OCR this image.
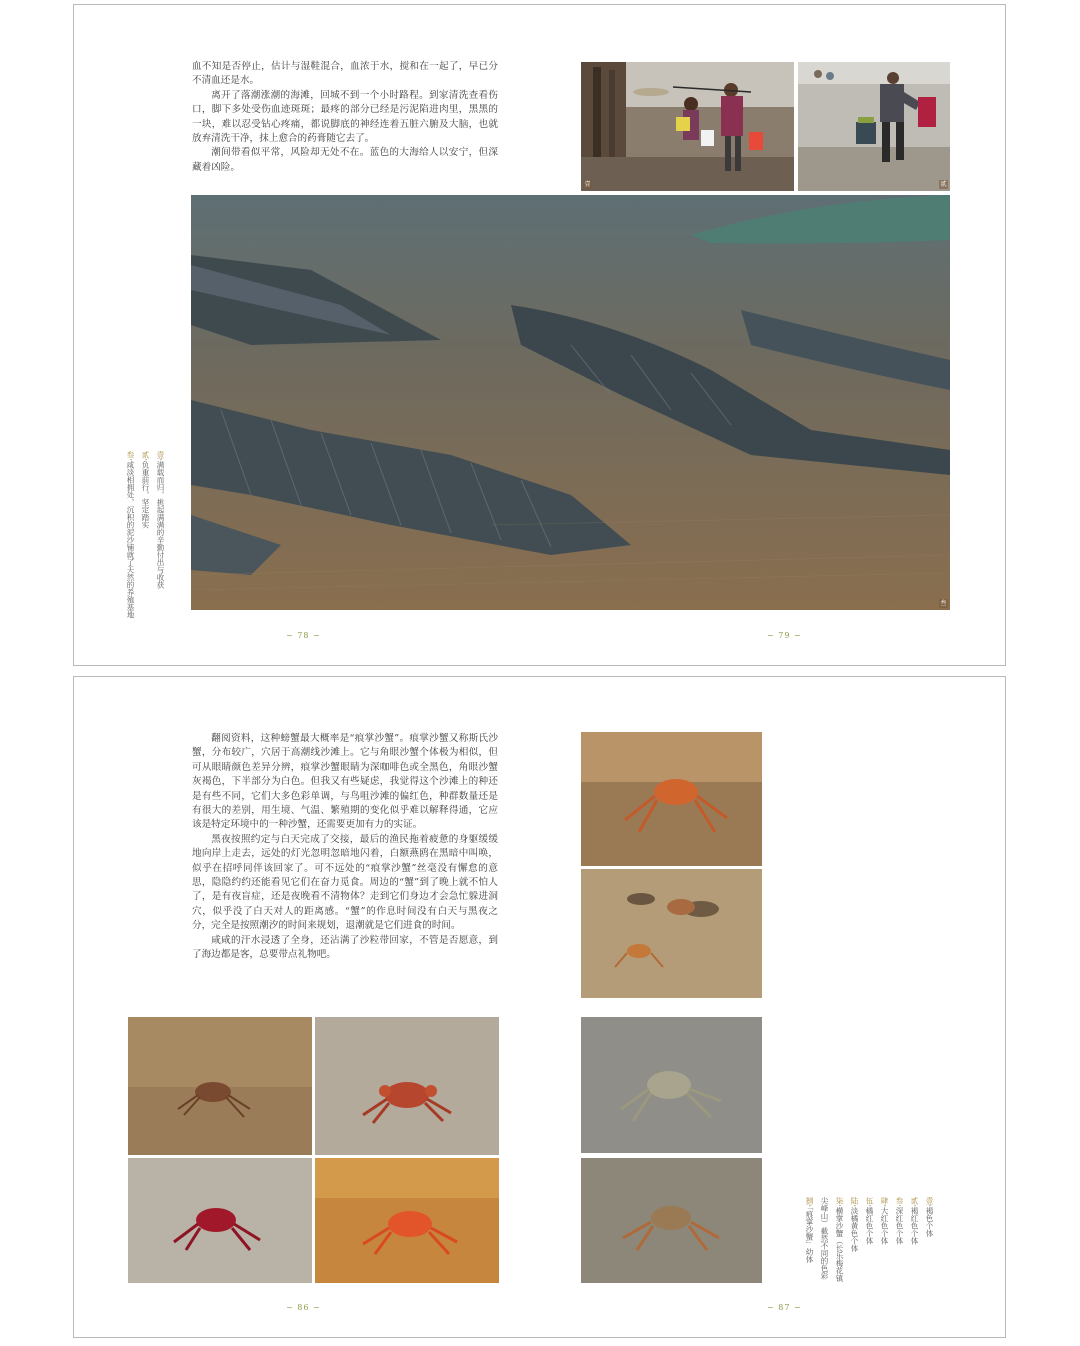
血不知是否停止，估计与湿鞋混合，血浓于水，搅和在一起了，早已分不清血还是水。

离开了落潮涨潮的海滩，回城不到一个小时路程。到家清洗查看伤口，脚下多处受伤血迹斑斑；最疼的部分已经是污泥陷进肉里，黑黑的一块，难以忍受钻心疼痛，都说脚底的神经连着五脏六腑及大脑，也就放弃清洗干净，抹上愈合的药膏随它去了。

潮间带看似平常，风险却无处不在。蓝色的大海给人以安宁，但深藏着凶险。

壹	贰
叁
壹·满载而归，挑起满满的辛勤付出与收获
贰·负重前行，坚定踏实
叁·咸淡相拥处，沉积的泥沙铺就了天然的养殖基地
~ 78 ~	~ 79 ~

翻阅资料，这种螃蟹最大概率是“痕掌沙蟹”。痕掌沙蟹又称斯氏沙蟹，分布较广，穴居于高潮线沙滩上。它与角眼沙蟹个体极为相似，但可从眼睛颜色差异分辨，痕掌沙蟹眼睛为深咖啡色或全黑色，角眼沙蟹灰褐色，下半部分为白色。但我又有些疑虑，我觉得这个沙滩上的种还是有些不同，它们大多色彩单调，与鸟咀沙滩的偏红色，种群数量还是有很大的差别，用生境、气温、繁殖期的变化似乎难以解释得通，它应该是特定环境中的一种沙蟹，还需要更加有力的实证。

黑夜按照约定与白天完成了交接，最后的渔民拖着疲惫的身躯缓缓地向岸上走去，远处的灯光忽明忽暗地闪着，白额燕鸥在黑暗中叫唤，似乎在招呼同伴该回家了。可不远处的“痕掌沙蟹”丝毫没有懈怠的意思，隐隐约约还能看见它们在奋力觅食。周边的“蟹”到了晚上就不怕人了，是有夜盲症，还是夜晚看不清物体？走到它们身边才会急忙躲进洞穴，似乎没了白天对人的距离感。“蟹”的作息时间没有白天与黑夜之分，完全是按照潮汐的时间来规划，退潮就是它们进食的时间。

咸咸的汗水浸透了全身，还沾满了沙粒带回家，不管是否愿意，到了海边都是客，总要带点礼物吧。

壹·褐色个体
贰·褐红色个体
叁·深红色个体
肆·大红色个体
伍·橘红色个体
陆·淡橘黄色个体
柒·横掌沙蟹（长乐梅花镇
尖峰山）截然不同的色彩
捌·「痕掌沙蟹」幼体
~ 86 ~	~ 87 ~
